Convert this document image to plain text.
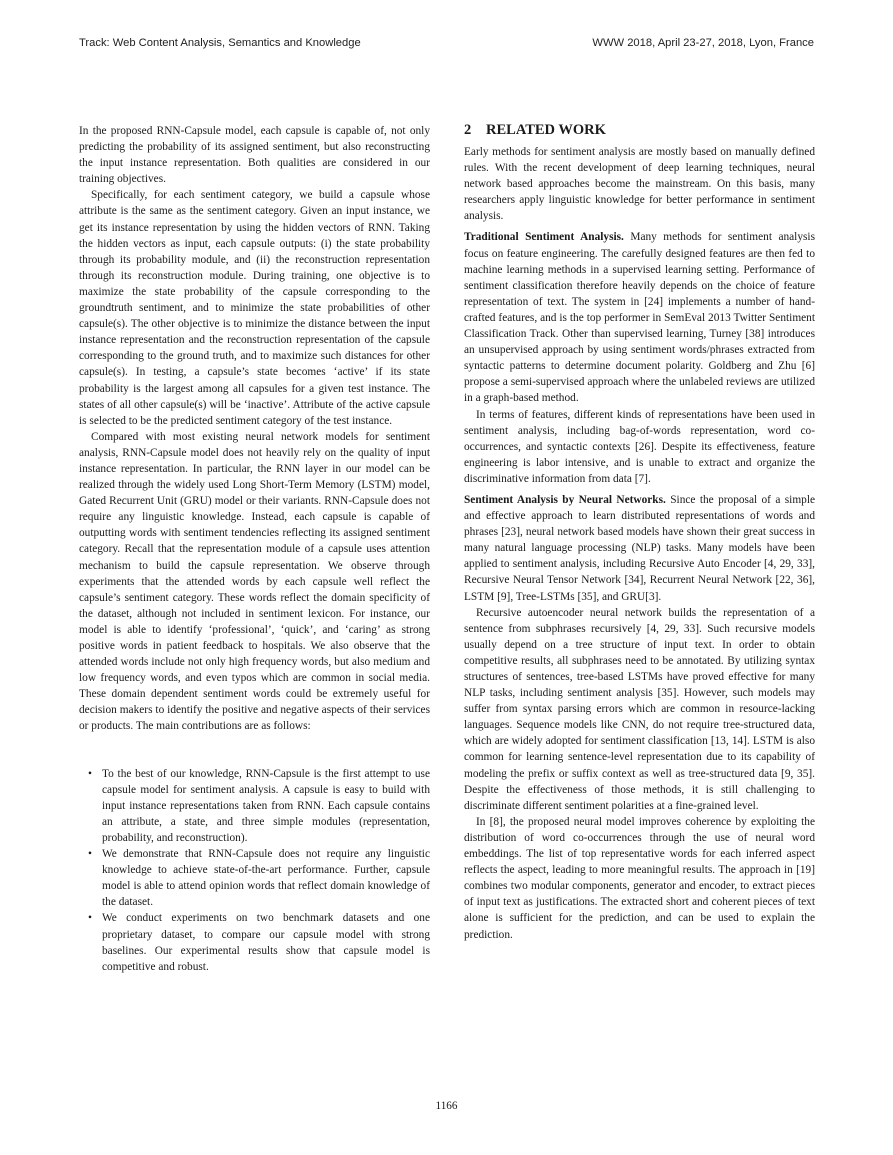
Track: Web Content Analysis, Semantics and Knowledge	WWW 2018, April 23-27, 2018, Lyon, France

In the proposed RNN-Capsule model, each capsule is capable of, not only predicting the probability of its assigned sentiment, but also reconstructing the input instance representation. Both qualities are considered in our training objectives.

Specifically, for each sentiment category, we build a capsule whose attribute is the same as the sentiment category. Given an input instance, we get its instance representation by using the hidden vectors of RNN. Taking the hidden vectors as input, each capsule outputs: (i) the state probability through its probability module, and (ii) the reconstruction representation through its reconstruction module. During training, one objective is to maximize the state probability of the capsule corresponding to the groundtruth sentiment, and to minimize the state probabilities of other capsule(s). The other objective is to minimize the distance between the input instance representation and the reconstruction representation of the capsule corresponding to the ground truth, and to maximize such distances for other capsule(s). In testing, a capsule’s state becomes ‘active’ if its state probability is the largest among all capsules for a given test instance. The states of all other capsule(s) will be ‘inactive’. Attribute of the active capsule is selected to be the predicted sentiment category of the test instance.

Compared with most existing neural network models for sentiment analysis, RNN-Capsule model does not heavily rely on the quality of input instance representation. In particular, the RNN layer in our model can be realized through the widely used Long Short-Term Memory (LSTM) model, Gated Recurrent Unit (GRU) model or their variants. RNN-Capsule does not require any linguistic knowledge. Instead, each capsule is capable of outputting words with sentiment tendencies reflecting its assigned sentiment category. Recall that the representation module of a capsule uses attention mechanism to build the capsule representation. We observe through experiments that the attended words by each capsule well reflect the capsule’s sentiment category. These words reflect the domain specificity of the dataset, although not included in sentiment lexicon. For instance, our model is able to identify ‘professional’, ‘quick’, and ‘caring’ as strong positive words in patient feedback to hospitals. We also observe that the attended words include not only high frequency words, but also medium and low frequency words, and even typos which are common in social media. These domain dependent sentiment words could be extremely useful for decision makers to identify the positive and negative aspects of their services or products. The main contributions are as follows:

• To the best of our knowledge, RNN-Capsule is the first attempt to use capsule model for sentiment analysis. A capsule is easy to build with input instance representations taken from RNN. Each capsule contains an attribute, a state, and three simple modules (representation, probability, and reconstruction).
• We demonstrate that RNN-Capsule does not require any linguistic knowledge to achieve state-of-the-art performance. Further, capsule model is able to attend opinion words that reflect domain knowledge of the dataset.
• We conduct experiments on two benchmark datasets and one proprietary dataset, to compare our capsule model with strong baselines. Our experimental results show that capsule model is competitive and robust.
2 RELATED WORK

Early methods for sentiment analysis are mostly based on manually defined rules. With the recent development of deep learning techniques, neural network based approaches become the mainstream. On this basis, many researchers apply linguistic knowledge for better performance in sentiment analysis.

Traditional Sentiment Analysis. Many methods for sentiment analysis focus on feature engineering. The carefully designed features are then fed to machine learning methods in a supervised learning setting. Performance of sentiment classification therefore heavily depends on the choice of feature representation of text. The system in [24] implements a number of hand-crafted features, and is the top performer in SemEval 2013 Twitter Sentiment Classification Track. Other than supervised learning, Turney [38] introduces an unsupervised approach by using sentiment words/phrases extracted from syntactic patterns to determine document polarity. Goldberg and Zhu [6] propose a semi-supervised approach where the unlabeled reviews are utilized in a graph-based method.

In terms of features, different kinds of representations have been used in sentiment analysis, including bag-of-words representation, word co-occurrences, and syntactic contexts [26]. Despite its effectiveness, feature engineering is labor intensive, and is unable to extract and organize the discriminative information from data [7].

Sentiment Analysis by Neural Networks. Since the proposal of a simple and effective approach to learn distributed representations of words and phrases [23], neural network based models have shown their great success in many natural language processing (NLP) tasks. Many models have been applied to sentiment analysis, including Recursive Auto Encoder [4, 29, 33], Recursive Neural Tensor Network [34], Recurrent Neural Network [22, 36], LSTM [9], Tree-LSTMs [35], and GRU[3].

Recursive autoencoder neural network builds the representation of a sentence from subphrases recursively [4, 29, 33]. Such recursive models usually depend on a tree structure of input text. In order to obtain competitive results, all subphrases need to be annotated. By utilizing syntax structures of sentences, tree-based LSTMs have proved effective for many NLP tasks, including sentiment analysis [35]. However, such models may suffer from syntax parsing errors which are common in resource-lacking languages. Sequence models like CNN, do not require tree-structured data, which are widely adopted for sentiment classification [13, 14]. LSTM is also common for learning sentence-level representation due to its capability of modeling the prefix or suffix context as well as tree-structured data [9, 35]. Despite the effectiveness of those methods, it is still challenging to discriminate different sentiment polarities at a fine-grained level.

In [8], the proposed neural model improves coherence by exploiting the distribution of word co-occurrences through the use of neural word embeddings. The list of top representative words for each inferred aspect reflects the aspect, leading to more meaningful results. The approach in [19] combines two modular components, generator and encoder, to extract pieces of input text as justifications. The extracted short and coherent pieces of text alone is sufficient for the prediction, and can be used to explain the prediction.

1166
